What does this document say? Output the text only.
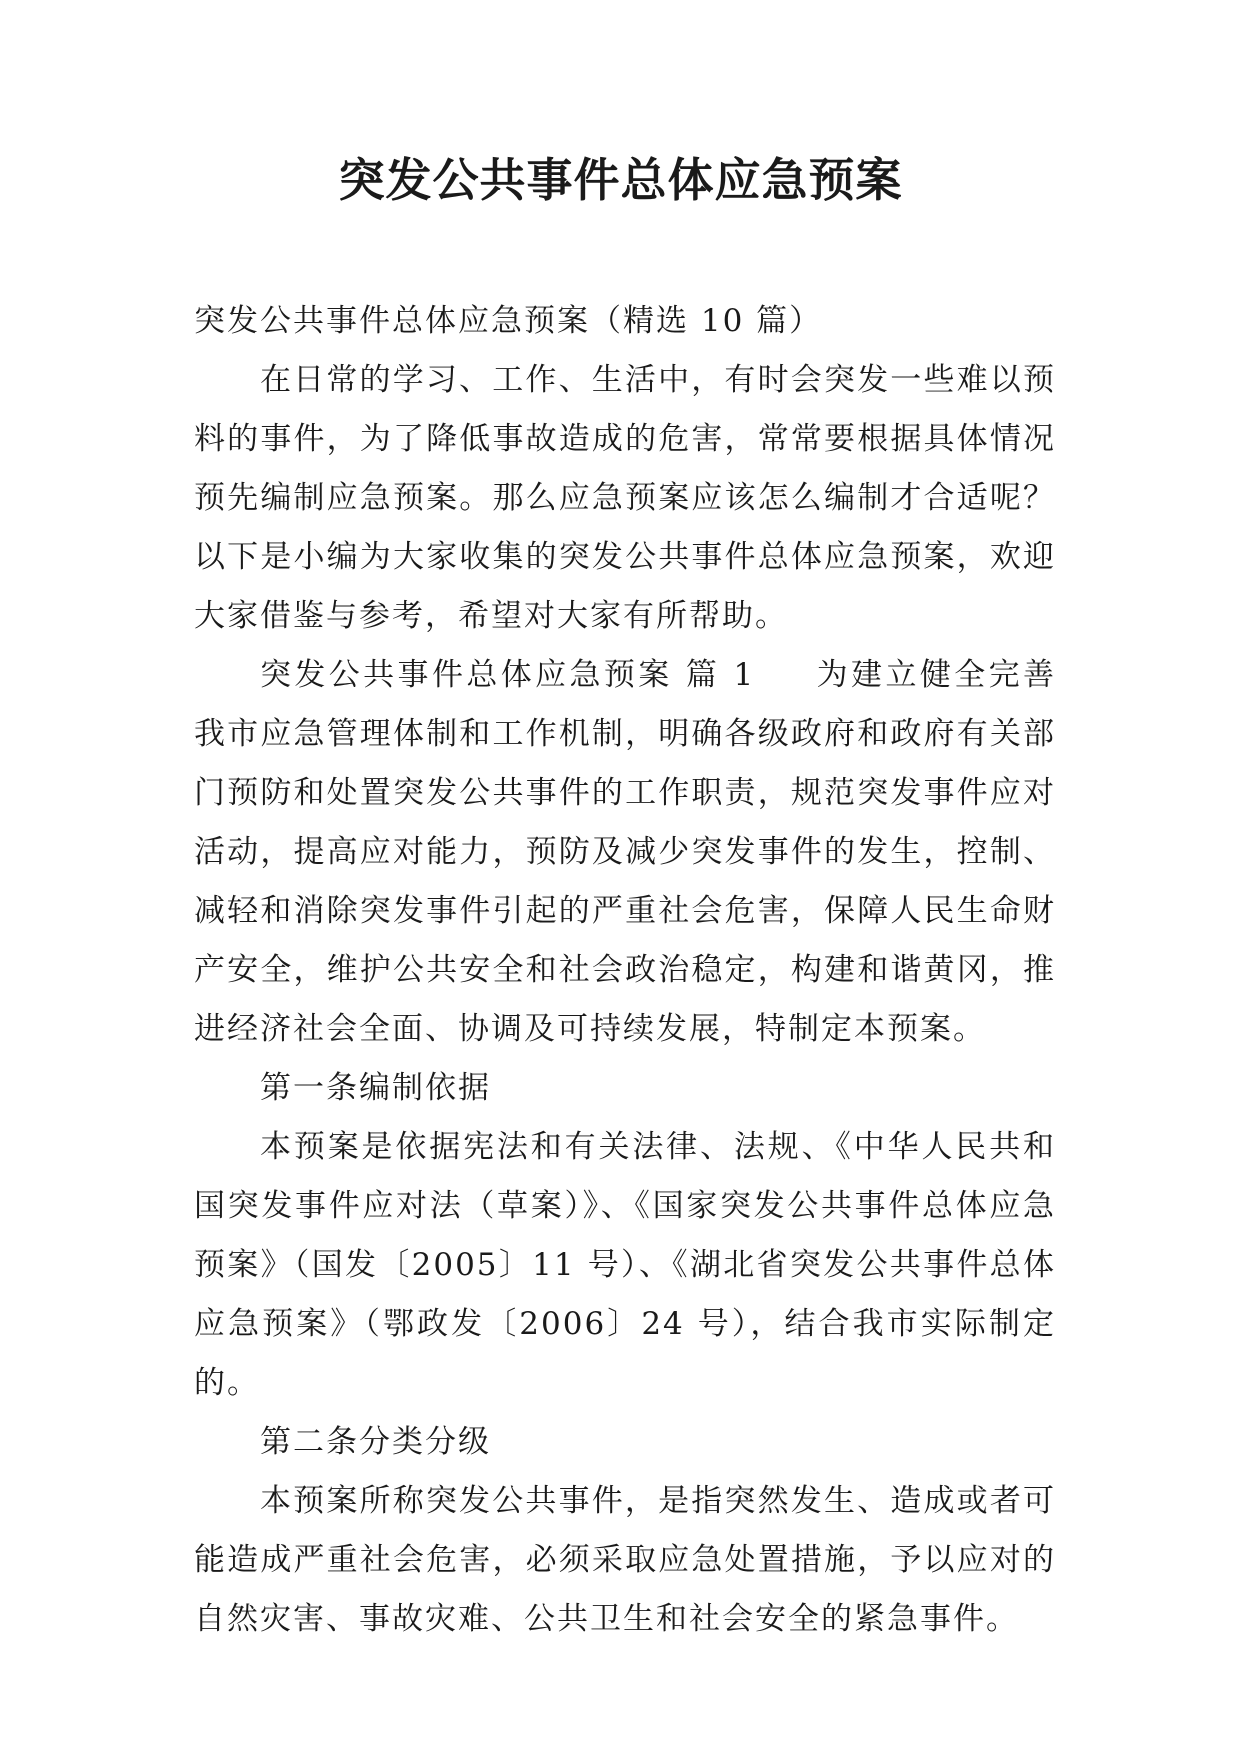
突发公共事件总体应急预案

突发公共事件总体应急预案（精选 10 篇）

在日常的学习、工作、生活中，有时会突发一些难以预料的事件，为了降低事故造成的危害，常常要根据具体情况预先编制应急预案。那么应急预案应该怎么编制才合适呢？以下是小编为大家收集的突发公共事件总体应急预案，欢迎大家借鉴与参考，希望对大家有所帮助。

突发公共事件总体应急预案 篇 1 为建立健全完善我市应急管理体制和工作机制，明确各级政府和政府有关部门预防和处置突发公共事件的工作职责，规范突发事件应对活动，提高应对能力，预防及减少突发事件的发生，控制、减轻和消除突发事件引起的严重社会危害，保障人民生命财产安全，维护公共安全和社会政治稳定，构建和谐黄冈，推进经济社会全面、协调及可持续发展，特制定本预案。

第一条编制依据

本预案是依据宪法和有关法律、法规、《中华人民共和国突发事件应对法（草案）》、《国家突发公共事件总体应急预案》（国发〔2005〕11 号）、《湖北省突发公共事件总体应急预案》（鄂政发〔2006〕24 号），结合我市实际制定的。

第二条分类分级

本预案所称突发公共事件，是指突然发生、造成或者可能造成严重社会危害，必须采取应急处置措施，予以应对的自然灾害、事故灾难、公共卫生和社会安全的紧急事件。
